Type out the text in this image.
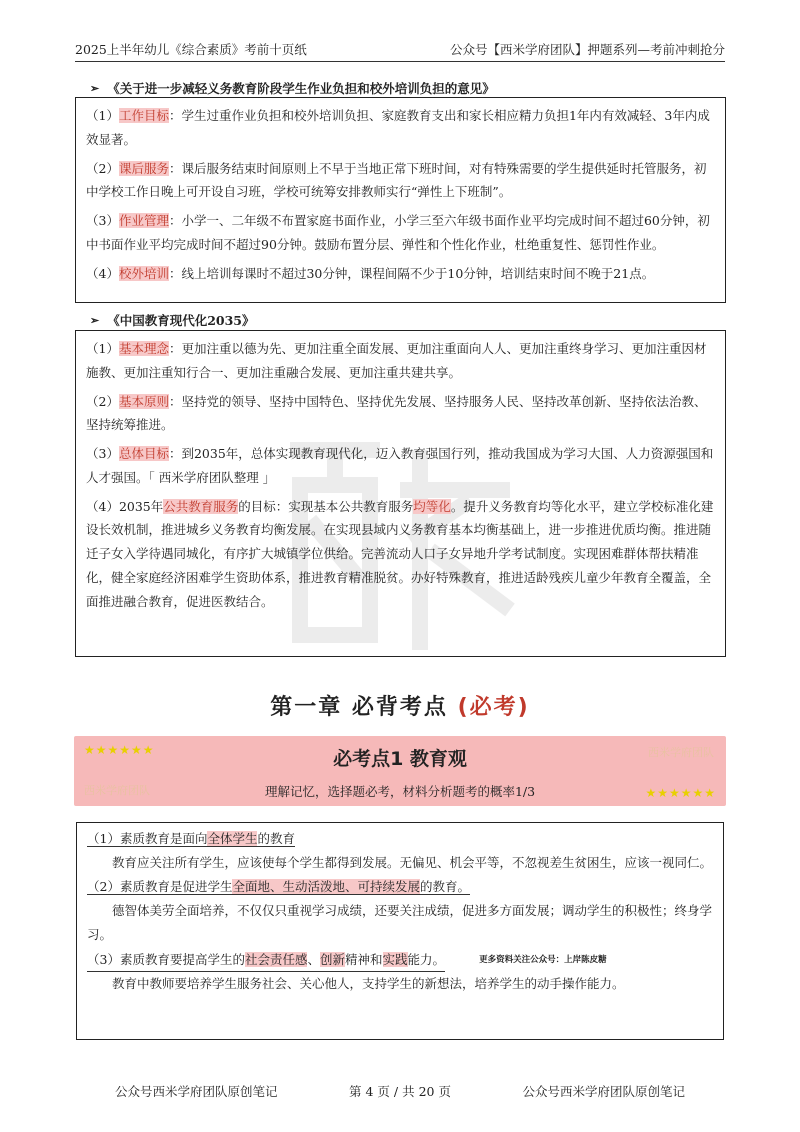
2025上半年幼儿《综合素质》考前十页纸	公众号【西米学府团队】押题系列—考前冲刺抢分
➢ 《关于进一步减轻义务教育阶段学生作业负担和校外培训负担的意见》

（1）工作目标：学生过重作业负担和校外培训负担、家庭教育支出和家长相应精力负担1年内有效减轻、3年内成效显著。

（2）课后服务：课后服务结束时间原则上不早于当地正常下班时间，对有特殊需要的学生提供延时托管服务，初中学校工作日晚上可开设自习班，学校可统筹安排教师实行“弹性上下班制”。

（3）作业管理：小学一、二年级不布置家庭书面作业，小学三至六年级书面作业平均完成时间不超过60分钟，初中书面作业平均完成时间不超过90分钟。鼓励布置分层、弹性和个性化作业，杜绝重复性、惩罚性作业。

（4）校外培训：线上培训每课时不超过30分钟，课程间隔不少于10分钟，培训结束时间不晚于21点。

➢ 《中国教育现代化2035》

（1）基本理念：更加注重以德为先、更加注重全面发展、更加注重面向人人、更加注重终身学习、更加注重因材施教、更加注重知行合一、更加注重融合发展、更加注重共建共享。

（2）基本原则：坚持党的领导、坚持中国特色、坚持优先发展、坚持服务人民、坚持改革创新、坚持依法治教、坚持统筹推进。

（3）总体目标：到2035年，总体实现教育现代化，迈入教育强国行列，推动我国成为学习大国、人力资源强国和人才强国。「 西米学府团队整理 」

（4）2035年公共教育服务的目标：实现基本公共教育服务均等化。提升义务教育均等化水平，建立学校标准化建设长效机制，推进城乡义务教育均衡发展。在实现县域内义务教育基本均衡基础上，进一步推进优质均衡。推进随迁子女入学待遇同城化，有序扩大城镇学位供给。完善流动人口子女异地升学考试制度。实现困难群体帮扶精准化，健全家庭经济困难学生资助体系，推进教育精准脱贫。办好特殊教育，推进适龄残疾儿童少年教育全覆盖，全面推进融合教育，促进医教结合。

第一章 必背考点 (必考)
★★★★★★	西米学府团队
必考点1 教育观
西米学府团队	理解记忆，选择题必考，材料分析题考的概率1/3	★★★★★★
（1）素质教育是面向全体学生的教育

教育应关注所有学生，应该使每个学生都得到发展。无偏见、机会平等，不忽视差生贫困生，应该一视同仁。

（2）素质教育是促进学生全面地、生动活泼地、可持续发展的教育。

德智体美劳全面培养，不仅仅只重视学习成绩，还要关注成绩，促进多方面发展；调动学生的积极性；终身学习。

（3）素质教育要提高学生的社会责任感、创新精神和实践能力。	更多资料关注公众号：上岸陈皮糖

教育中教师要培养学生服务社会、关心他人，支持学生的新想法，培养学生的动手操作能力。

公众号西米学府团队原创笔记	第 4 页 / 共 20 页	公众号西米学府团队原创笔记
